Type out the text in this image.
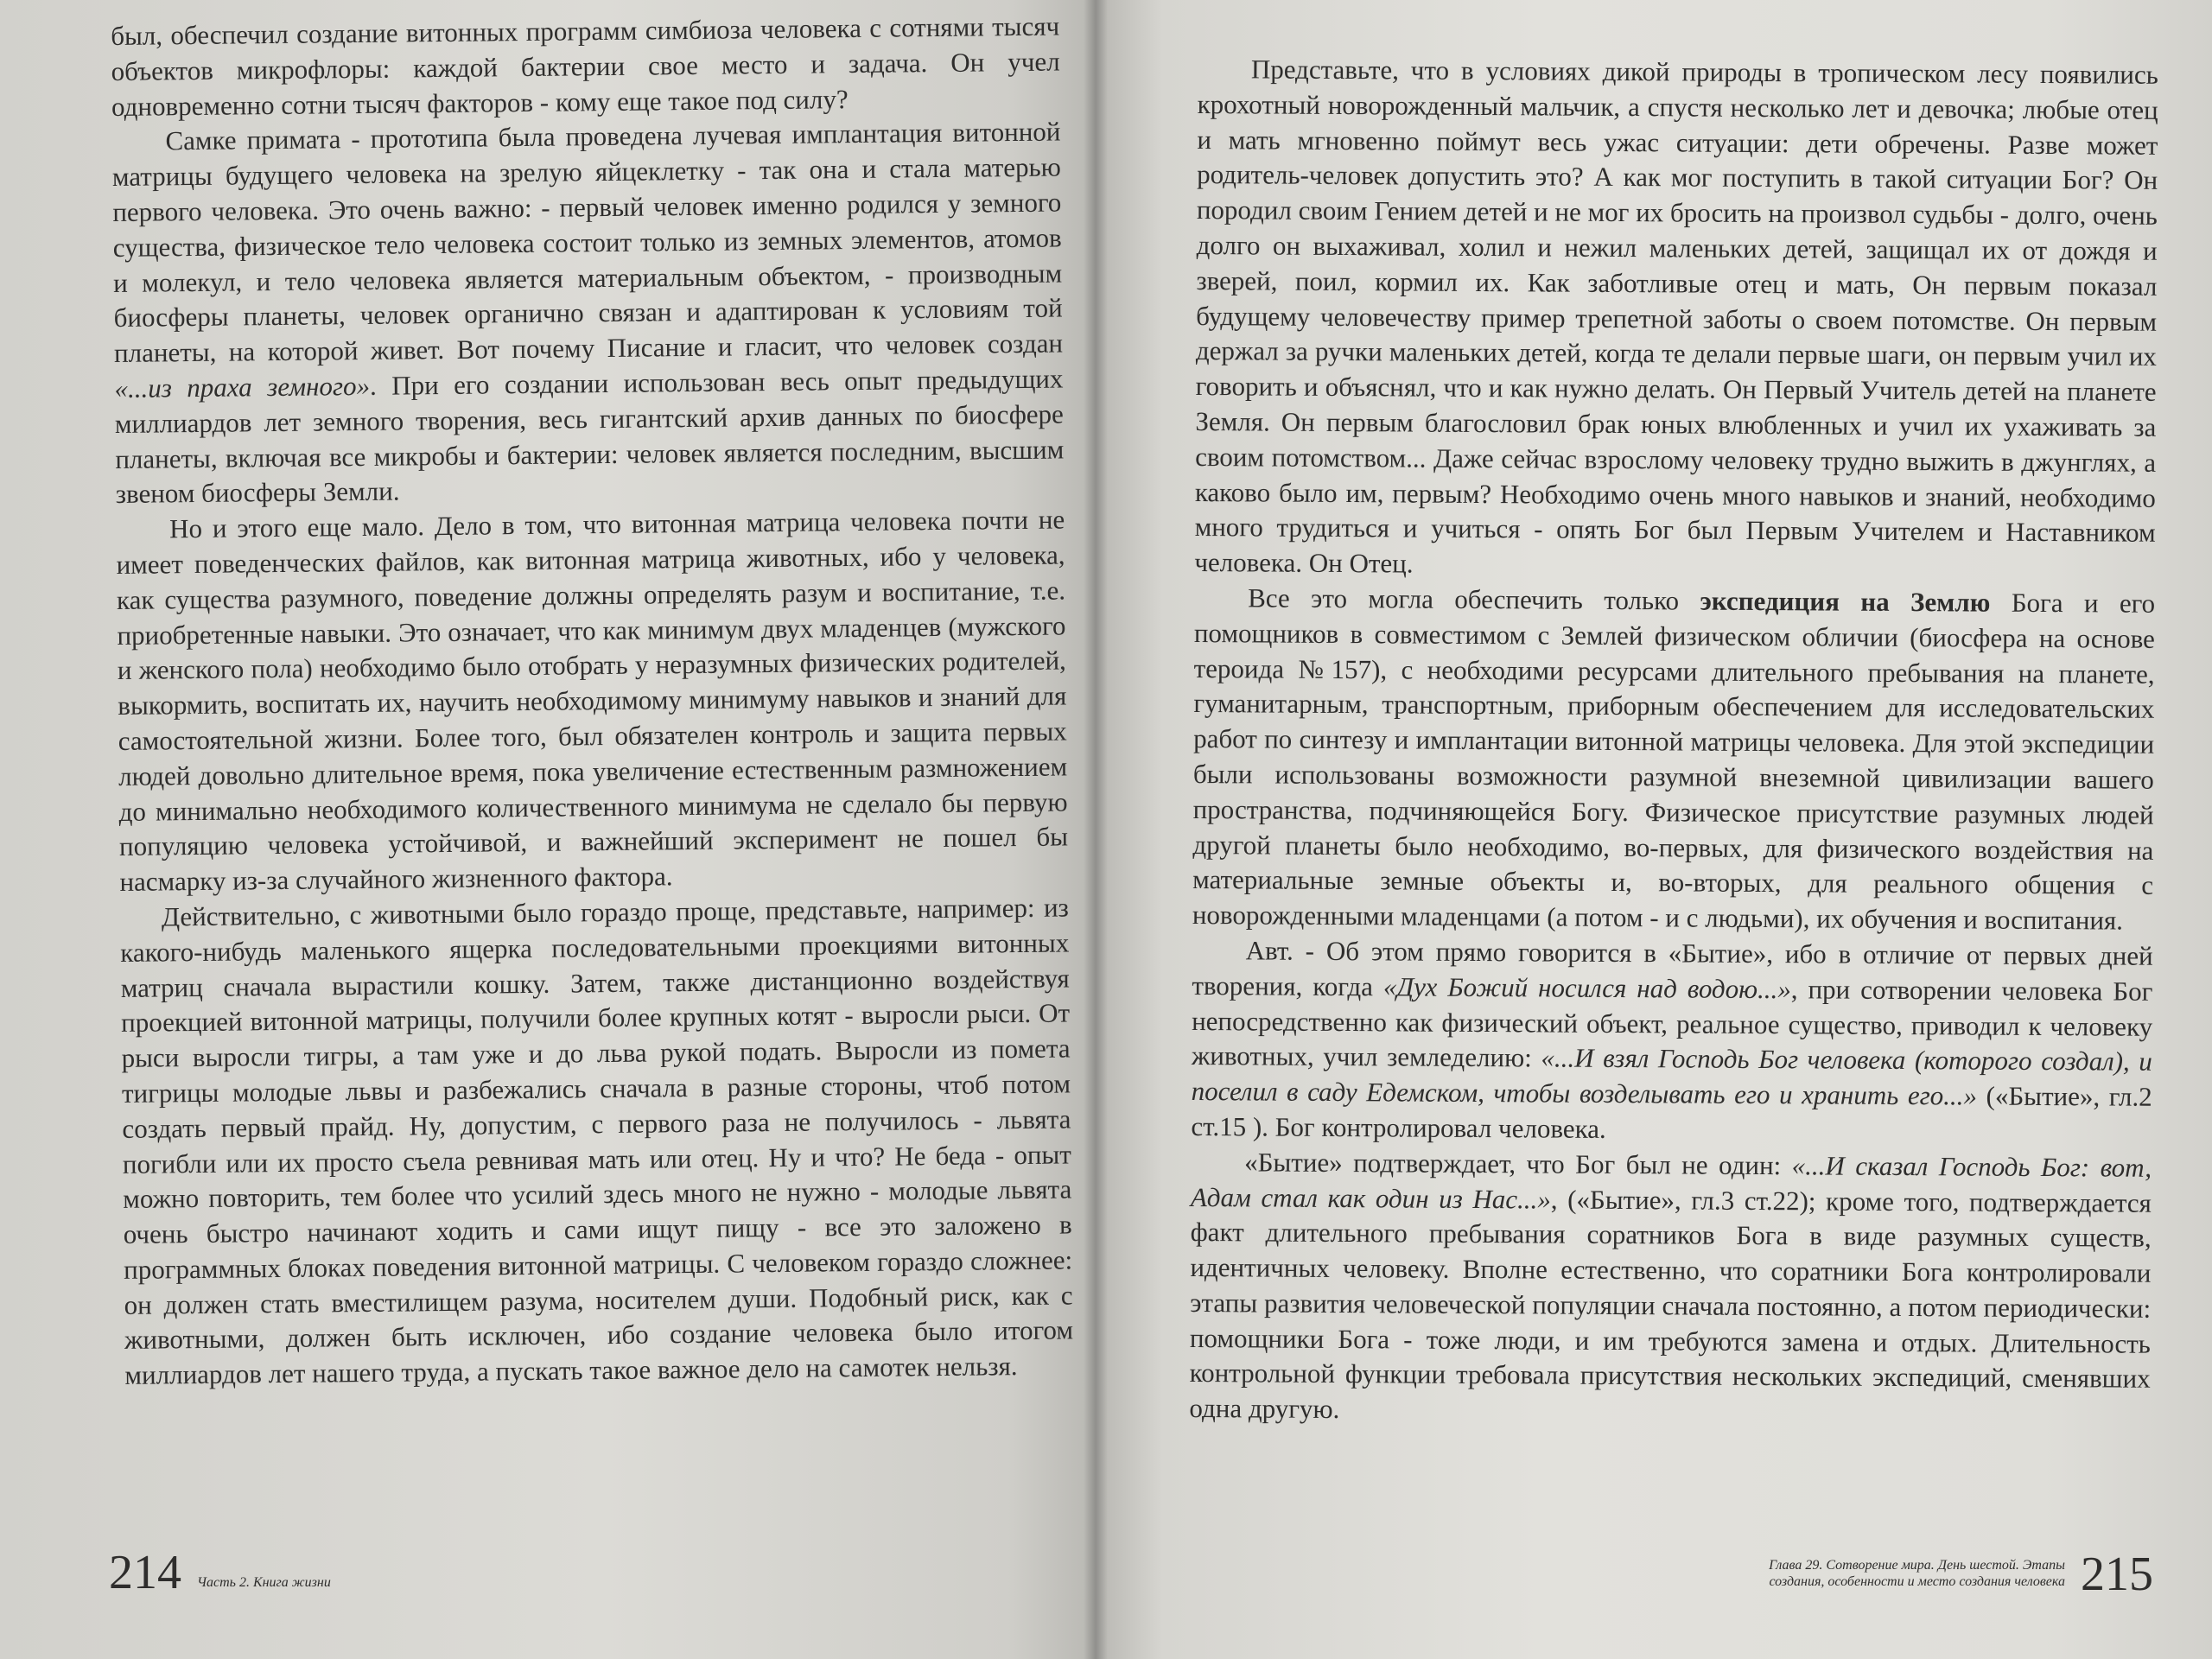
был, обеспечил создание витонных программ симбиоза человека с сотнями тысяч объектов микрофлоры: каждой бактерии свое место и задача. Он учел одновременно сотни тысяч факторов - кому еще такое под силу?

Самке примата - прототипа была проведена лучевая имплантация витонной матрицы будущего человека на зрелую яйцеклетку - так она и стала матерью первого человека. Это очень важно: - первый человек именно родился у земного существа, физическое тело человека состоит только из земных элементов, атомов и молекул, и тело человека является материальным объектом, - производным биосферы планеты, человек органично связан и адаптирован к условиям той планеты, на которой живет. Вот почему Писание и гласит, что человек создан «...из праха земного». При его создании использован весь опыт предыдущих миллиардов лет земного творения, весь гигантский архив данных по биосфере планеты, включая все микробы и бактерии: человек является последним, высшим звеном биосферы Земли.

Но и этого еще мало. Дело в том, что витонная матрица человека почти не имеет поведенческих файлов, как витонная матрица животных, ибо у человека, как существа разумного, поведение должны определять разум и воспитание, т.е. приобретенные навыки. Это означает, что как минимум двух младенцев (мужского и женского пола) необходимо было отобрать у неразумных физических родителей, выкормить, воспитать их, научить необходимому минимуму навыков и знаний для самостоятельной жизни. Более того, был обязателен контроль и защита первых людей довольно длительное время, пока увеличение естественным размножением до минимально необходимого количественного минимума не сделало бы первую популяцию человека устойчивой, и важнейший эксперимент не пошел бы насмарку из-за случайного жизненного фактора.

Действительно, с животными было гораздо проще, представьте, например: из какого-нибудь маленького ящерка последовательными проекциями витонных матриц сначала вырастили кошку. Затем, также дистанционно воздействуя проекцией витонной матрицы, получили более крупных котят - выросли рыси. От рыси выросли тигры, а там уже и до льва рукой подать. Выросли из помета тигрицы молодые львы и разбежались сначала в разные стороны, чтоб потом создать первый прайд. Ну, допустим, с первого раза не получилось - львята погибли или их просто съела ревнивая мать или отец. Ну и что? Не беда - опыт можно повторить, тем более что усилий здесь много не нужно - молодые львята очень быстро начинают ходить и сами ищут пищу - все это заложено в программных блоках поведения витонной матрицы. С человеком гораздо сложнее: он должен стать вместилищем разума, носителем души. Подобный риск, как с животными, должен быть исключен, ибо создание человека было итогом миллиардов лет нашего труда, а пускать такое важное дело на самотек нельзя.

214 Часть 2. Книга жизни

Представьте, что в условиях дикой природы в тропическом лесу появились крохотный новорожденный мальчик, а спустя несколько лет и девочка; любые отец и мать мгновенно поймут весь ужас ситуации: дети обречены. Разве может родитель-человек допустить это? А как мог поступить в такой ситуации Бог? Он породил своим Гением детей и не мог их бросить на произвол судьбы - долго, очень долго он выхаживал, холил и нежил маленьких детей, защищал их от дождя и зверей, поил, кормил их. Как заботливые отец и мать, Он первым показал будущему человечеству пример трепетной заботы о своем потомстве. Он первым держал за ручки маленьких детей, когда те делали первые шаги, он первым учил их говорить и объяснял, что и как нужно делать. Он Первый Учитель детей на планете Земля. Он первым благословил брак юных влюбленных и учил их ухаживать за своим потомством... Даже сейчас взрослому человеку трудно выжить в джунглях, а каково было им, первым? Необходимо очень много навыков и знаний, необходимо много трудиться и учиться - опять Бог был Первым Учителем и Наставником человека. Он Отец.

Все это могла обеспечить только экспедиция на Землю Бога и его помощников в совместимом с Землей физическом обличии (биосфера на основе тероида №157), с необходими ресурсами длительного пребывания на планете, гуманитарным, транспортным, приборным обеспечением для исследовательских работ по синтезу и имплантации витонной матрицы человека. Для этой экспедиции были использованы возможности разумной внеземной цивилизации вашего пространства, подчиняющейся Богу. Физическое присутствие разумных людей другой планеты было необходимо, во-первых, для физического воздействия на материальные земные объекты и, во-вторых, для реального общения с новорожденными младенцами (а потом - и с людьми), их обучения и воспитания.

Авт. - Об этом прямо говорится в «Бытие», ибо в отличие от первых дней творения, когда «Дух Божий носился над водою...», при сотворении человека Бог непосредственно как физический объект, реальное существо, приводил к человеку животных, учил земледелию: «...И взял Господь Бог человека (которого создал), и поселил в саду Едемском, чтобы возделывать его и хранить его...» («Бытие», гл.2 ст.15 ). Бог контролировал человека.

«Бытие» подтверждает, что Бог был не один: «...И сказал Господь Бог: вот, Адам стал как один из Нас...», («Бытие», гл.3 ст.22); кроме того, подтверждается факт длительного пребывания соратников Бога в виде разумных существ, идентичных человеку. Вполне естественно, что соратники Бога контролировали этапы развития человеческой популяции сначала постоянно, а потом периодически: помощники Бога - тоже люди, и им требуются замена и отдых. Длительность контрольной функции требовала присутствия нескольких экспедиций, сменявших одна другую.

Глава 29. Сотворение мира. День шестой. Этапы
создания, особенности и место создания человека 215
